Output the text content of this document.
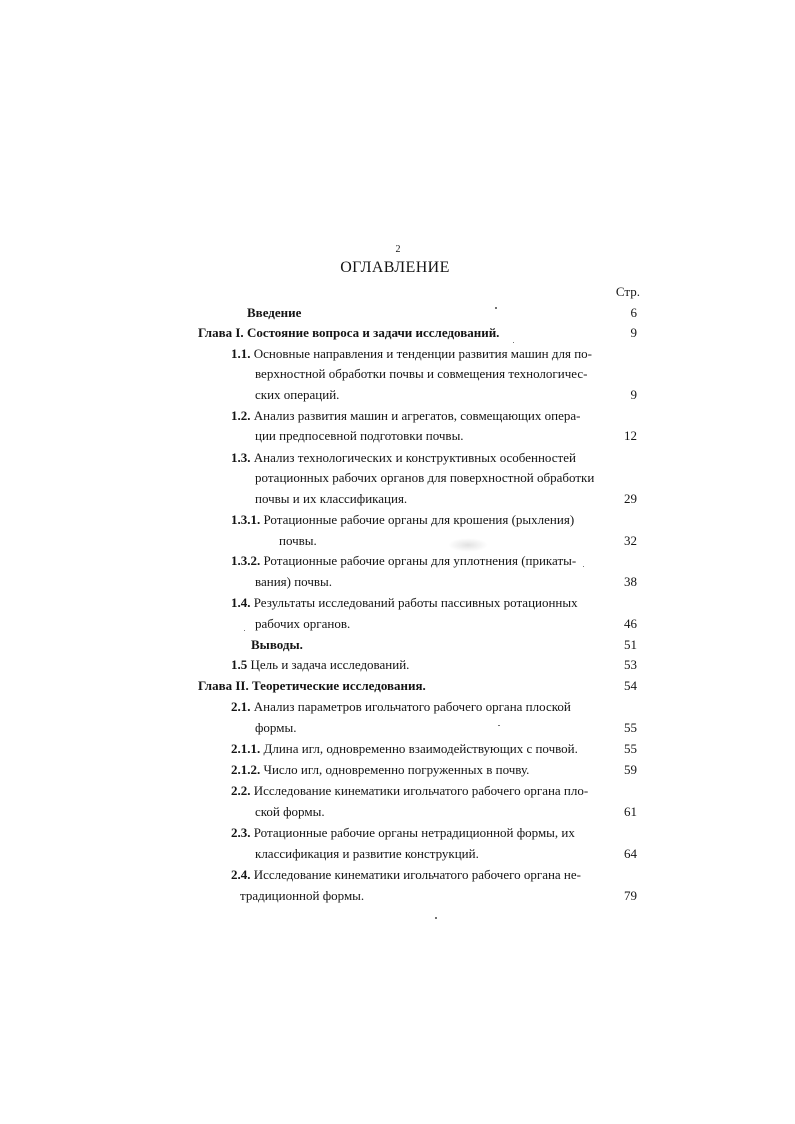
2
ОГЛАВЛЕНИЕ
Стр.
Введение	6
Глава I. Состояние вопроса и задачи исследований.	9
1.1. Основные направления и тенденции развития машин для по-
верхностной обработки почвы и совмещения технологичес-
ских операций.	9
1.2. Анализ развития машин и агрегатов, совмещающих опера-
ции предпосевной подготовки почвы.	12
1.3. Анализ технологических и конструктивных особенностей
ротационных рабочих органов для поверхностной обработки
почвы и их классификация.	29
1.3.1. Ротационные рабочие органы для крошения (рыхления)
почвы.	32
1.3.2. Ротационные рабочие органы для уплотнения (прикаты-
вания) почвы.	38
1.4. Результаты исследований работы пассивных ротационных
рабочих органов.	46
Выводы.	51
1.5 Цель и задача исследований.	53
Глава II. Теоретические исследования.	54
2.1. Анализ параметров игольчатого рабочего органа плоской
формы.	55
2.1.1. Длина игл, одновременно взаимодействующих с почвой.	55
2.1.2. Число игл, одновременно погруженных в почву.	59
2.2. Исследование кинематики игольчатого рабочего органа пло-
ской формы.	61
2.3. Ротационные рабочие органы нетрадиционной формы, их
классификация и развитие конструкций.	64
2.4. Исследование кинематики игольчатого рабочего органа не-
традиционной формы.	79
